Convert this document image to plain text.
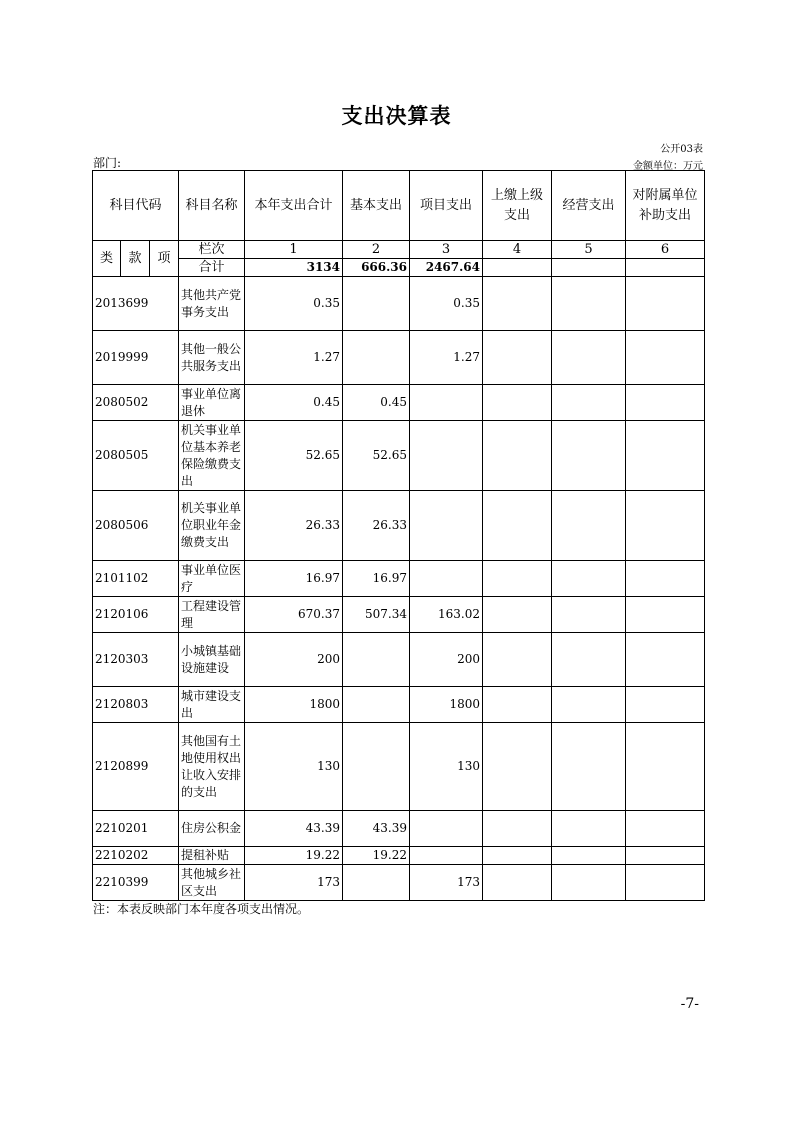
支出决算表
公开03表
部门:	金额单位：万元
科目代码			科目名称	本年支出合计	基本支出	项目支出	上缴上级支出	经营支出	对附属单位补助支出
类	款	项	栏次	1	2	3	4	5	6
			合计	3134	666.36	2467.64			
2013699			其他共产党事务支出	0.35		0.35			
2019999			其他一般公共服务支出	1.27		1.27			
2080502			事业单位离退休	0.45	0.45				
2080505			机关事业单位基本养老保险缴费支出	52.65	52.65				
2080506			机关事业单位职业年金缴费支出	26.33	26.33				
2101102			事业单位医疗	16.97	16.97				
2120106			工程建设管理	670.37	507.34	163.02			
2120303			小城镇基础设施建设	200		200			
2120803			城市建设支出	1800		1800			
2120899			其他国有土地使用权出让收入安排的支出	130		130			
2210201			住房公积金	43.39	43.39				
2210202			提租补贴	19.22	19.22				
2210399			其他城乡社区支出	173		173			
注：本表反映部门本年度各项支出情况。
-7-
